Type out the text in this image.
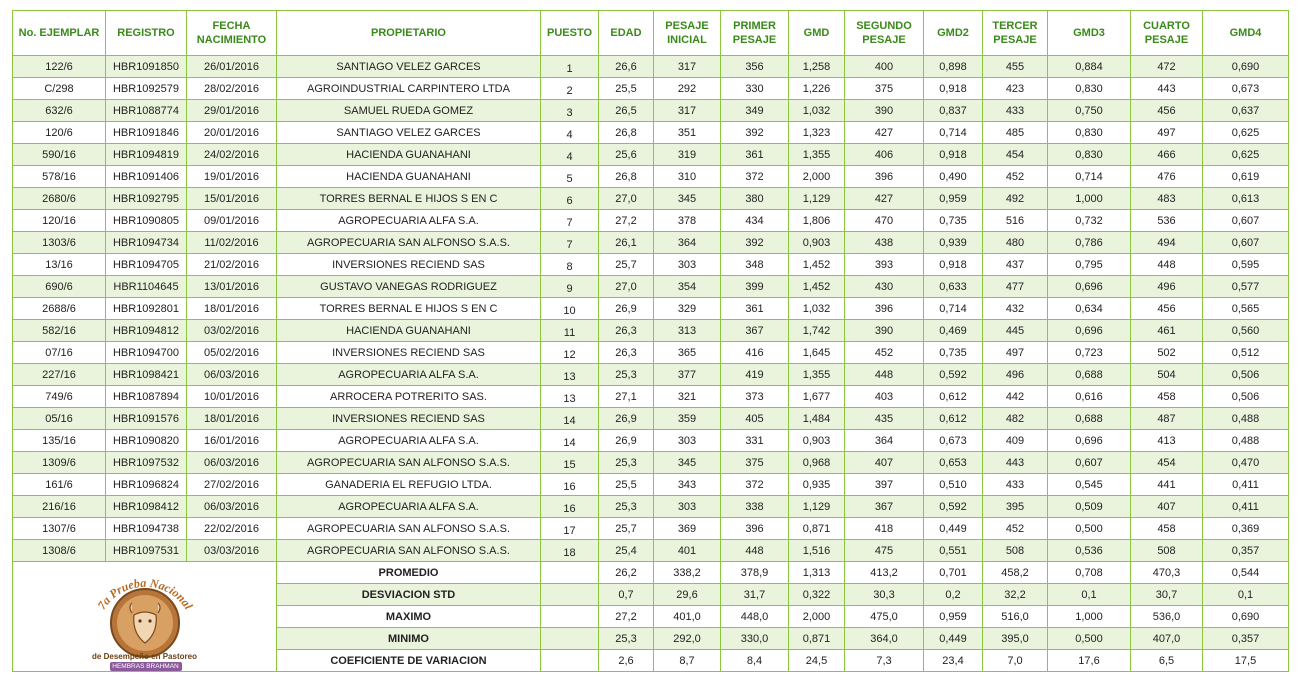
No. EJEMPLAR	REGISTRO	FECHA NACIMIENTO	PROPIETARIO	PUESTO	EDAD	PESAJE INICIAL	PRIMER PESAJE	GMD	SEGUNDO PESAJE	GMD2	TERCER PESAJE	GMD3	CUARTO PESAJE	GMD4
122/6	HBR1091850	26/01/2016	SANTIAGO VELEZ GARCES	1	26,6	317	356	1,258	400	0,898	455	0,884	472	0,690
C/298	HBR1092579	28/02/2016	AGROINDUSTRIAL CARPINTERO LTDA	2	25,5	292	330	1,226	375	0,918	423	0,830	443	0,673
632/6	HBR1088774	29/01/2016	SAMUEL RUEDA GOMEZ	3	26,5	317	349	1,032	390	0,837	433	0,750	456	0,637
120/6	HBR1091846	20/01/2016	SANTIAGO VELEZ GARCES	4	26,8	351	392	1,323	427	0,714	485	0,830	497	0,625
590/16	HBR1094819	24/02/2016	HACIENDA GUANAHANI	4	25,6	319	361	1,355	406	0,918	454	0,830	466	0,625
578/16	HBR1091406	19/01/2016	HACIENDA GUANAHANI	5	26,8	310	372	2,000	396	0,490	452	0,714	476	0,619
2680/6	HBR1092795	15/01/2016	TORRES BERNAL E HIJOS S EN C	6	27,0	345	380	1,129	427	0,959	492	1,000	483	0,613
120/16	HBR1090805	09/01/2016	AGROPECUARIA ALFA S.A.	7	27,2	378	434	1,806	470	0,735	516	0,732	536	0,607
1303/6	HBR1094734	11/02/2016	AGROPECUARIA SAN ALFONSO S.A.S.	7	26,1	364	392	0,903	438	0,939	480	0,786	494	0,607
13/16	HBR1094705	21/02/2016	INVERSIONES RECIEND SAS	8	25,7	303	348	1,452	393	0,918	437	0,795	448	0,595
690/6	HBR1104645	13/01/2016	GUSTAVO VANEGAS RODRIGUEZ	9	27,0	354	399	1,452	430	0,633	477	0,696	496	0,577
2688/6	HBR1092801	18/01/2016	TORRES BERNAL E HIJOS S EN C	10	26,9	329	361	1,032	396	0,714	432	0,634	456	0,565
582/16	HBR1094812	03/02/2016	HACIENDA GUANAHANI	11	26,3	313	367	1,742	390	0,469	445	0,696	461	0,560
07/16	HBR1094700	05/02/2016	INVERSIONES RECIEND SAS	12	26,3	365	416	1,645	452	0,735	497	0,723	502	0,512
227/16	HBR1098421	06/03/2016	AGROPECUARIA ALFA S.A.	13	25,3	377	419	1,355	448	0,592	496	0,688	504	0,506
749/6	HBR1087894	10/01/2016	ARROCERA POTRERITO SAS.	13	27,1	321	373	1,677	403	0,612	442	0,616	458	0,506
05/16	HBR1091576	18/01/2016	INVERSIONES RECIEND SAS	14	26,9	359	405	1,484	435	0,612	482	0,688	487	0,488
135/16	HBR1090820	16/01/2016	AGROPECUARIA ALFA S.A.	14	26,9	303	331	0,903	364	0,673	409	0,696	413	0,488
1309/6	HBR1097532	06/03/2016	AGROPECUARIA SAN ALFONSO S.A.S.	15	25,3	345	375	0,968	407	0,653	443	0,607	454	0,470
161/6	HBR1096824	27/02/2016	GANADERIA EL REFUGIO LTDA.	16	25,5	343	372	0,935	397	0,510	433	0,545	441	0,411
216/16	HBR1098412	06/03/2016	AGROPECUARIA ALFA S.A.	16	25,3	303	338	1,129	367	0,592	395	0,509	407	0,411
1307/6	HBR1094738	22/02/2016	AGROPECUARIA SAN ALFONSO S.A.S.	17	25,7	369	396	0,871	418	0,449	452	0,500	458	0,369
1308/6	HBR1097531	03/03/2016	AGROPECUARIA SAN ALFONSO S.A.S.	18	25,4	401	448	1,516	475	0,551	508	0,536	508	0,357

7a Prueba Nacional
de Desempeño en Pastoreo
HEMBRAS BRAHMAN			PROMEDIO		26,2	338,2	378,9	1,313	413,2	0,701	458,2	0,708	470,3	0,544
			DESVIACION STD		0,7	29,6	31,7	0,322	30,3	0,2	32,2	0,1	30,7	0,1
			MAXIMO		27,2	401,0	448,0	2,000	475,0	0,959	516,0	1,000	536,0	0,690
			MINIMO		25,3	292,0	330,0	0,871	364,0	0,449	395,0	0,500	407,0	0,357
			COEFICIENTE DE VARIACION		2,6	8,7	8,4	24,5	7,3	23,4	7,0	17,6	6,5	17,5
